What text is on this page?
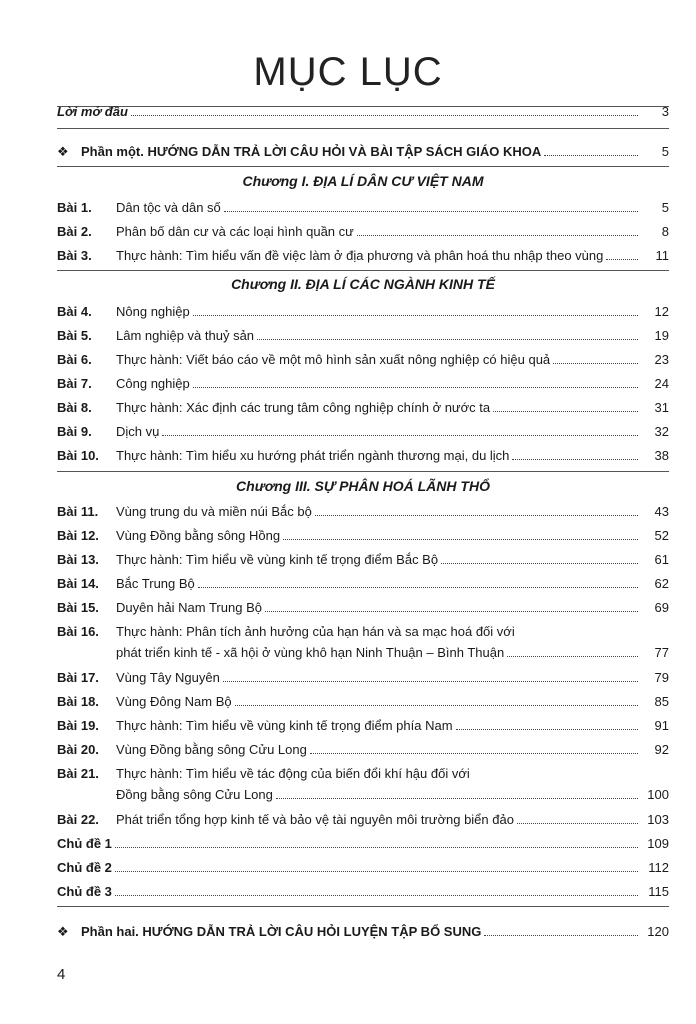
MỤC LỤC
Lời mở đầu	3
❖ Phần một. HƯỚNG DẪN TRẢ LỜI CÂU HỎI VÀ BÀI TẬP SÁCH GIÁO KHOA	5
Chương I. ĐỊA LÍ DÂN CƯ VIỆT NAM
Bài 1.	Dân tộc và dân số	5
Bài 2.	Phân bố dân cư và các loại hình quần cư	8
Bài 3.	Thực hành: Tìm hiểu vấn đề việc làm ở địa phương và phân hoá thu nhập theo vùng	11
Chương II. ĐỊA LÍ CÁC NGÀNH KINH TẾ
Bài 4.	Nông nghiệp	12
Bài 5.	Lâm nghiệp và thuỷ sản	19
Bài 6.	Thực hành: Viết báo cáo về một mô hình sản xuất nông nghiệp có hiệu quả	23
Bài 7.	Công nghiệp	24
Bài 8.	Thực hành: Xác định các trung tâm công nghiệp chính ở nước ta	31
Bài 9.	Dịch vụ	32
Bài 10.	Thực hành: Tìm hiểu xu hướng phát triển ngành thương mại, du lịch	38
Chương III. SỰ PHÂN HOÁ LÃNH THỔ
Bài 11.	Vùng trung du và miền núi Bắc bộ	43
Bài 12.	Vùng Đồng bằng sông Hồng	52
Bài 13.	Thực hành: Tìm hiểu về vùng kinh tế trọng điểm Bắc Bộ	61
Bài 14.	Bắc Trung Bộ	62
Bài 15.	Duyên hải Nam Trung Bộ	69
Bài 16.	Thực hành: Phân tích ảnh hưởng của hạn hán và sa mạc hoá đối với
phát triển kinh tế - xã hội ở vùng khô hạn Ninh Thuận – Bình Thuận	77
Bài 17.	Vùng Tây Nguyên	79
Bài 18.	Vùng Đông Nam Bộ	85
Bài 19.	Thực hành: Tìm hiểu về vùng kinh tế trọng điểm phía Nam	91
Bài 20.	Vùng Đồng bằng sông Cửu Long	92
Bài 21.	Thực hành: Tìm hiểu về tác động của biến đổi khí hậu đối với
Đồng bằng sông Cửu Long	100
Bài 22.	Phát triển tổng hợp kinh tế và bảo vệ tài nguyên môi trường biển đảo	103
Chủ đề 1	109
Chủ đề 2	112
Chủ đề 3	115
❖ Phần hai. HƯỚNG DẪN TRẢ LỜI CÂU HỎI LUYỆN TẬP BỔ SUNG	120
4
